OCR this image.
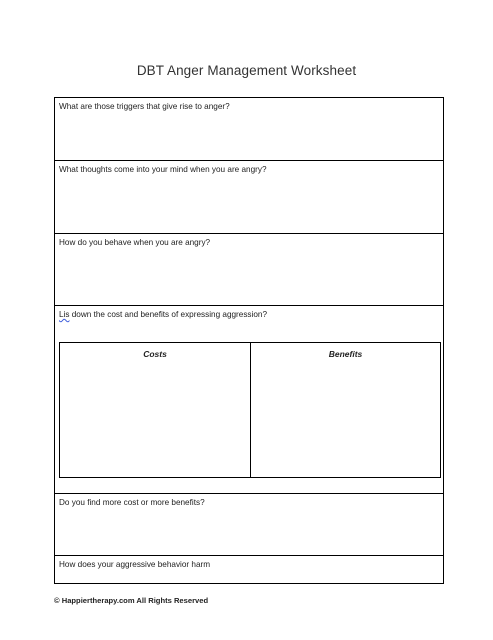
DBT Anger Management Worksheet
What are those triggers that give rise to anger?
What thoughts come into your mind when you are angry?
How do you behave when you are angry?
Lis down the cost and benefits of expressing aggression?
Costs	Benefits
Do you find more cost or more benefits?
How does your aggressive behavior harm
© Happiertherapy.com All Rights Reserved
